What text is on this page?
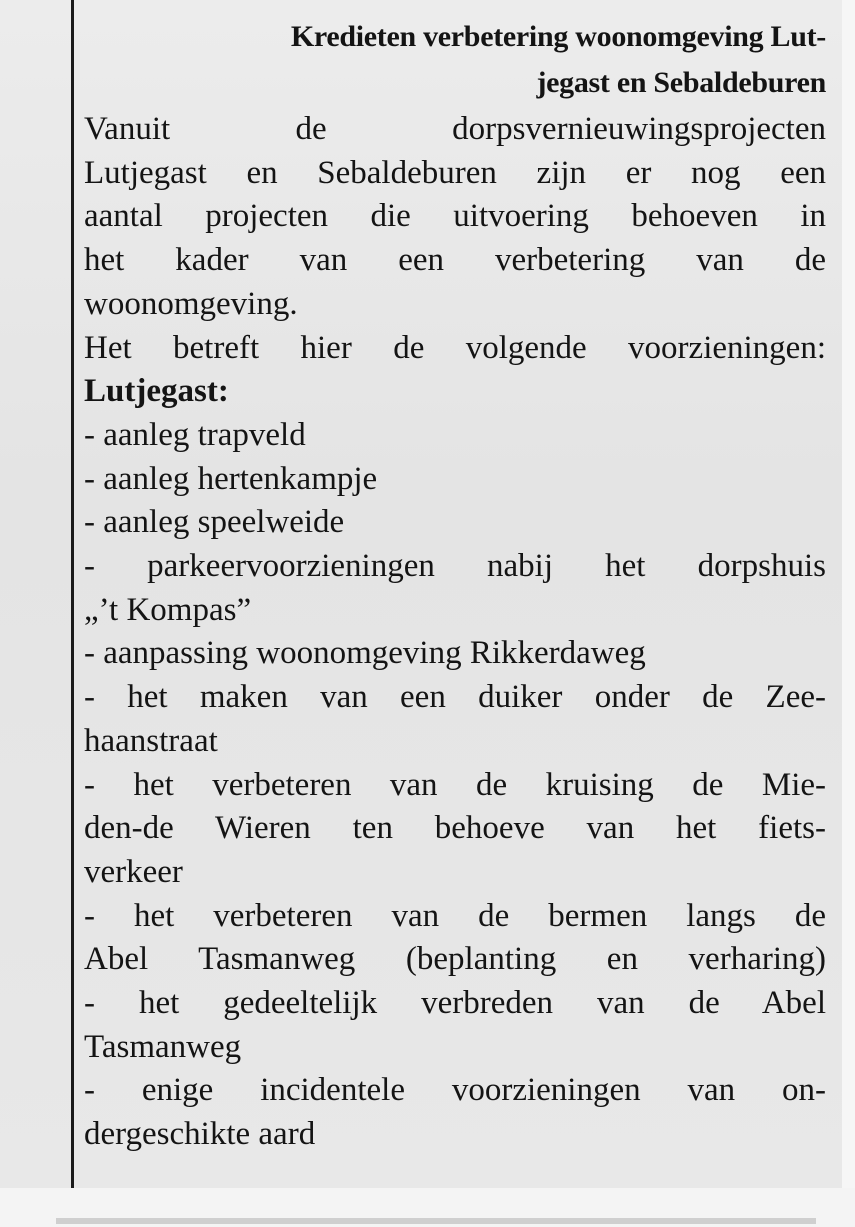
Kredieten verbetering woonomgeving Lut-
jegast en Sebaldeburen

Vanuit de dorpsvernieuwingsprojecten

Lutjegast en Sebaldeburen zijn er nog een

aantal projecten die uitvoering behoeven in

het kader van een verbetering van de

woonomgeving.

Het betreft hier de volgende voorzieningen:

Lutjegast:

- aanleg trapveld

- aanleg hertenkampje

- aanleg speelweide

- parkeervoorzieningen nabij het dorpshuis

„’t Kompas”

- aanpassing woonomgeving Rikkerdaweg

- het maken van een duiker onder de Zee-

haanstraat

- het verbeteren van de kruising de Mie-

den-de Wieren ten behoeve van het fiets-

verkeer

- het verbeteren van de bermen langs de

Abel Tasmanweg (beplanting en verharing)

- het gedeeltelijk verbreden van de Abel

Tasmanweg

- enige incidentele voorzieningen van on-

dergeschikte aard
